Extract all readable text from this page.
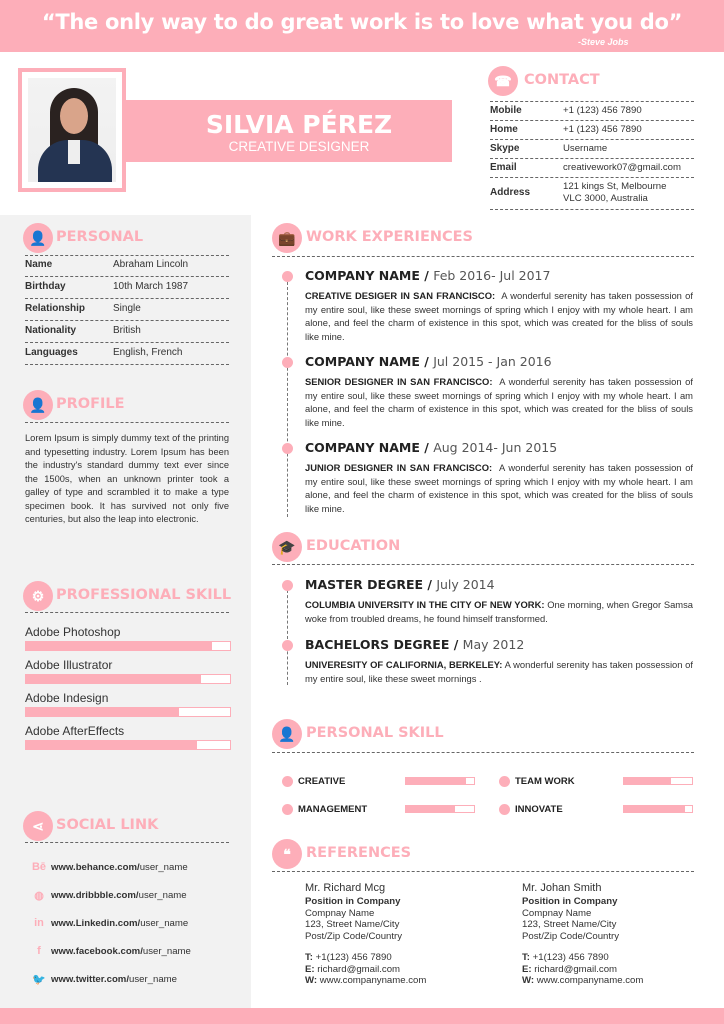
“The only way to do great work is to love what you do”
-Steve Jobs
SILVIA PÉREZ
CREATIVE DESIGNER
☎ CONTACT
👤 PERSONAL
👤 PROFILE
Lorem Ipsum is simply dummy text of the printing and typesetting industry. Lorem Ipsum has been the industry's standard dummy text ever since the 1500s, when an unknown printer took a galley of type and scrambled it to make a type specimen book. It has survived not only five centuries, but also the leap into electronic.
⚙ PROFESSIONAL SKILL
⋖ SOCIAL LINK
💼 WORK EXPERIENCES
🎓 EDUCATION
👤 PERSONAL SKILL
❝	REFERENCES
Mobile	+1 (123) 456 7890
Home	+1 (123) 456 7890
Skype	Username
Email	creativework07@gmail.com
Address
121 kings St, Melbourne
VLC 3000, Australia
Name	Abraham Lincoln
Birthday	10th March 1987
Relationship	Single
Nationality	British
Languages	English, French
Adobe Photoshop
Adobe Illustrator
Adobe Indesign
Adobe AfterEffects
Bē www.behance.com/user_name
◍ www.dribbble.com/user_name
in www.Linkedin.com/user_name
f	www.facebook.com/user_name
🐦 www.twitter.com/user_name
COMPANY NAME / Feb 2016- Jul 2017
CREATIVE DESIGER IN SAN FRANCISCO: A wonderful serenity has taken possession of my entire soul, like these sweet mornings of spring which I enjoy with my whole heart. I am alone, and feel the charm of existence in this spot, which was created for the bliss of souls like mine.
COMPANY NAME / Jul 2015 - Jan 2016
SENIOR DESIGNER IN SAN FRANCISCO: A wonderful serenity has taken possession of my entire soul, like these sweet mornings of spring which I enjoy with my whole heart. I am alone, and feel the charm of existence in this spot, which was created for the bliss of souls like mine.
COMPANY NAME / Aug 2014- Jun 2015
JUNIOR DESIGNER IN SAN FRANCISCO: A wonderful serenity has taken possession of my entire soul, like these sweet mornings of spring which I enjoy with my whole heart. I am alone, and feel the charm of existence in this spot, which was created for the bliss of souls like mine.
MASTER DEGREE / July 2014
COLUMBIA UNIVERSITY IN THE CITY OF NEW YORK: One morning, when Gregor Samsa woke from troubled dreams, he found himself transformed.
BACHELORS DEGREE / May 2012
UNIVERESITY OF CALIFORNIA, BERKELEY: A wonderful serenity has taken possession of my entire soul, like these sweet mornings .
CREATIVE	TEAM WORK
MANAGEMENT	INNOVATE
Mr. Richard Mcg
Position in Company
Compnay Name
123, Street Name/City
Post/Zip Code/Country
T: +1(123) 456 7890
E: richard@gmail.com
W: www.companyname.com
Mr. Johan Smith
Position in Company
Compnay Name
123, Street Name/City
Post/Zip Code/Country
T: +1(123) 456 7890
E: richard@gmail.com
W: www.companyname.com
